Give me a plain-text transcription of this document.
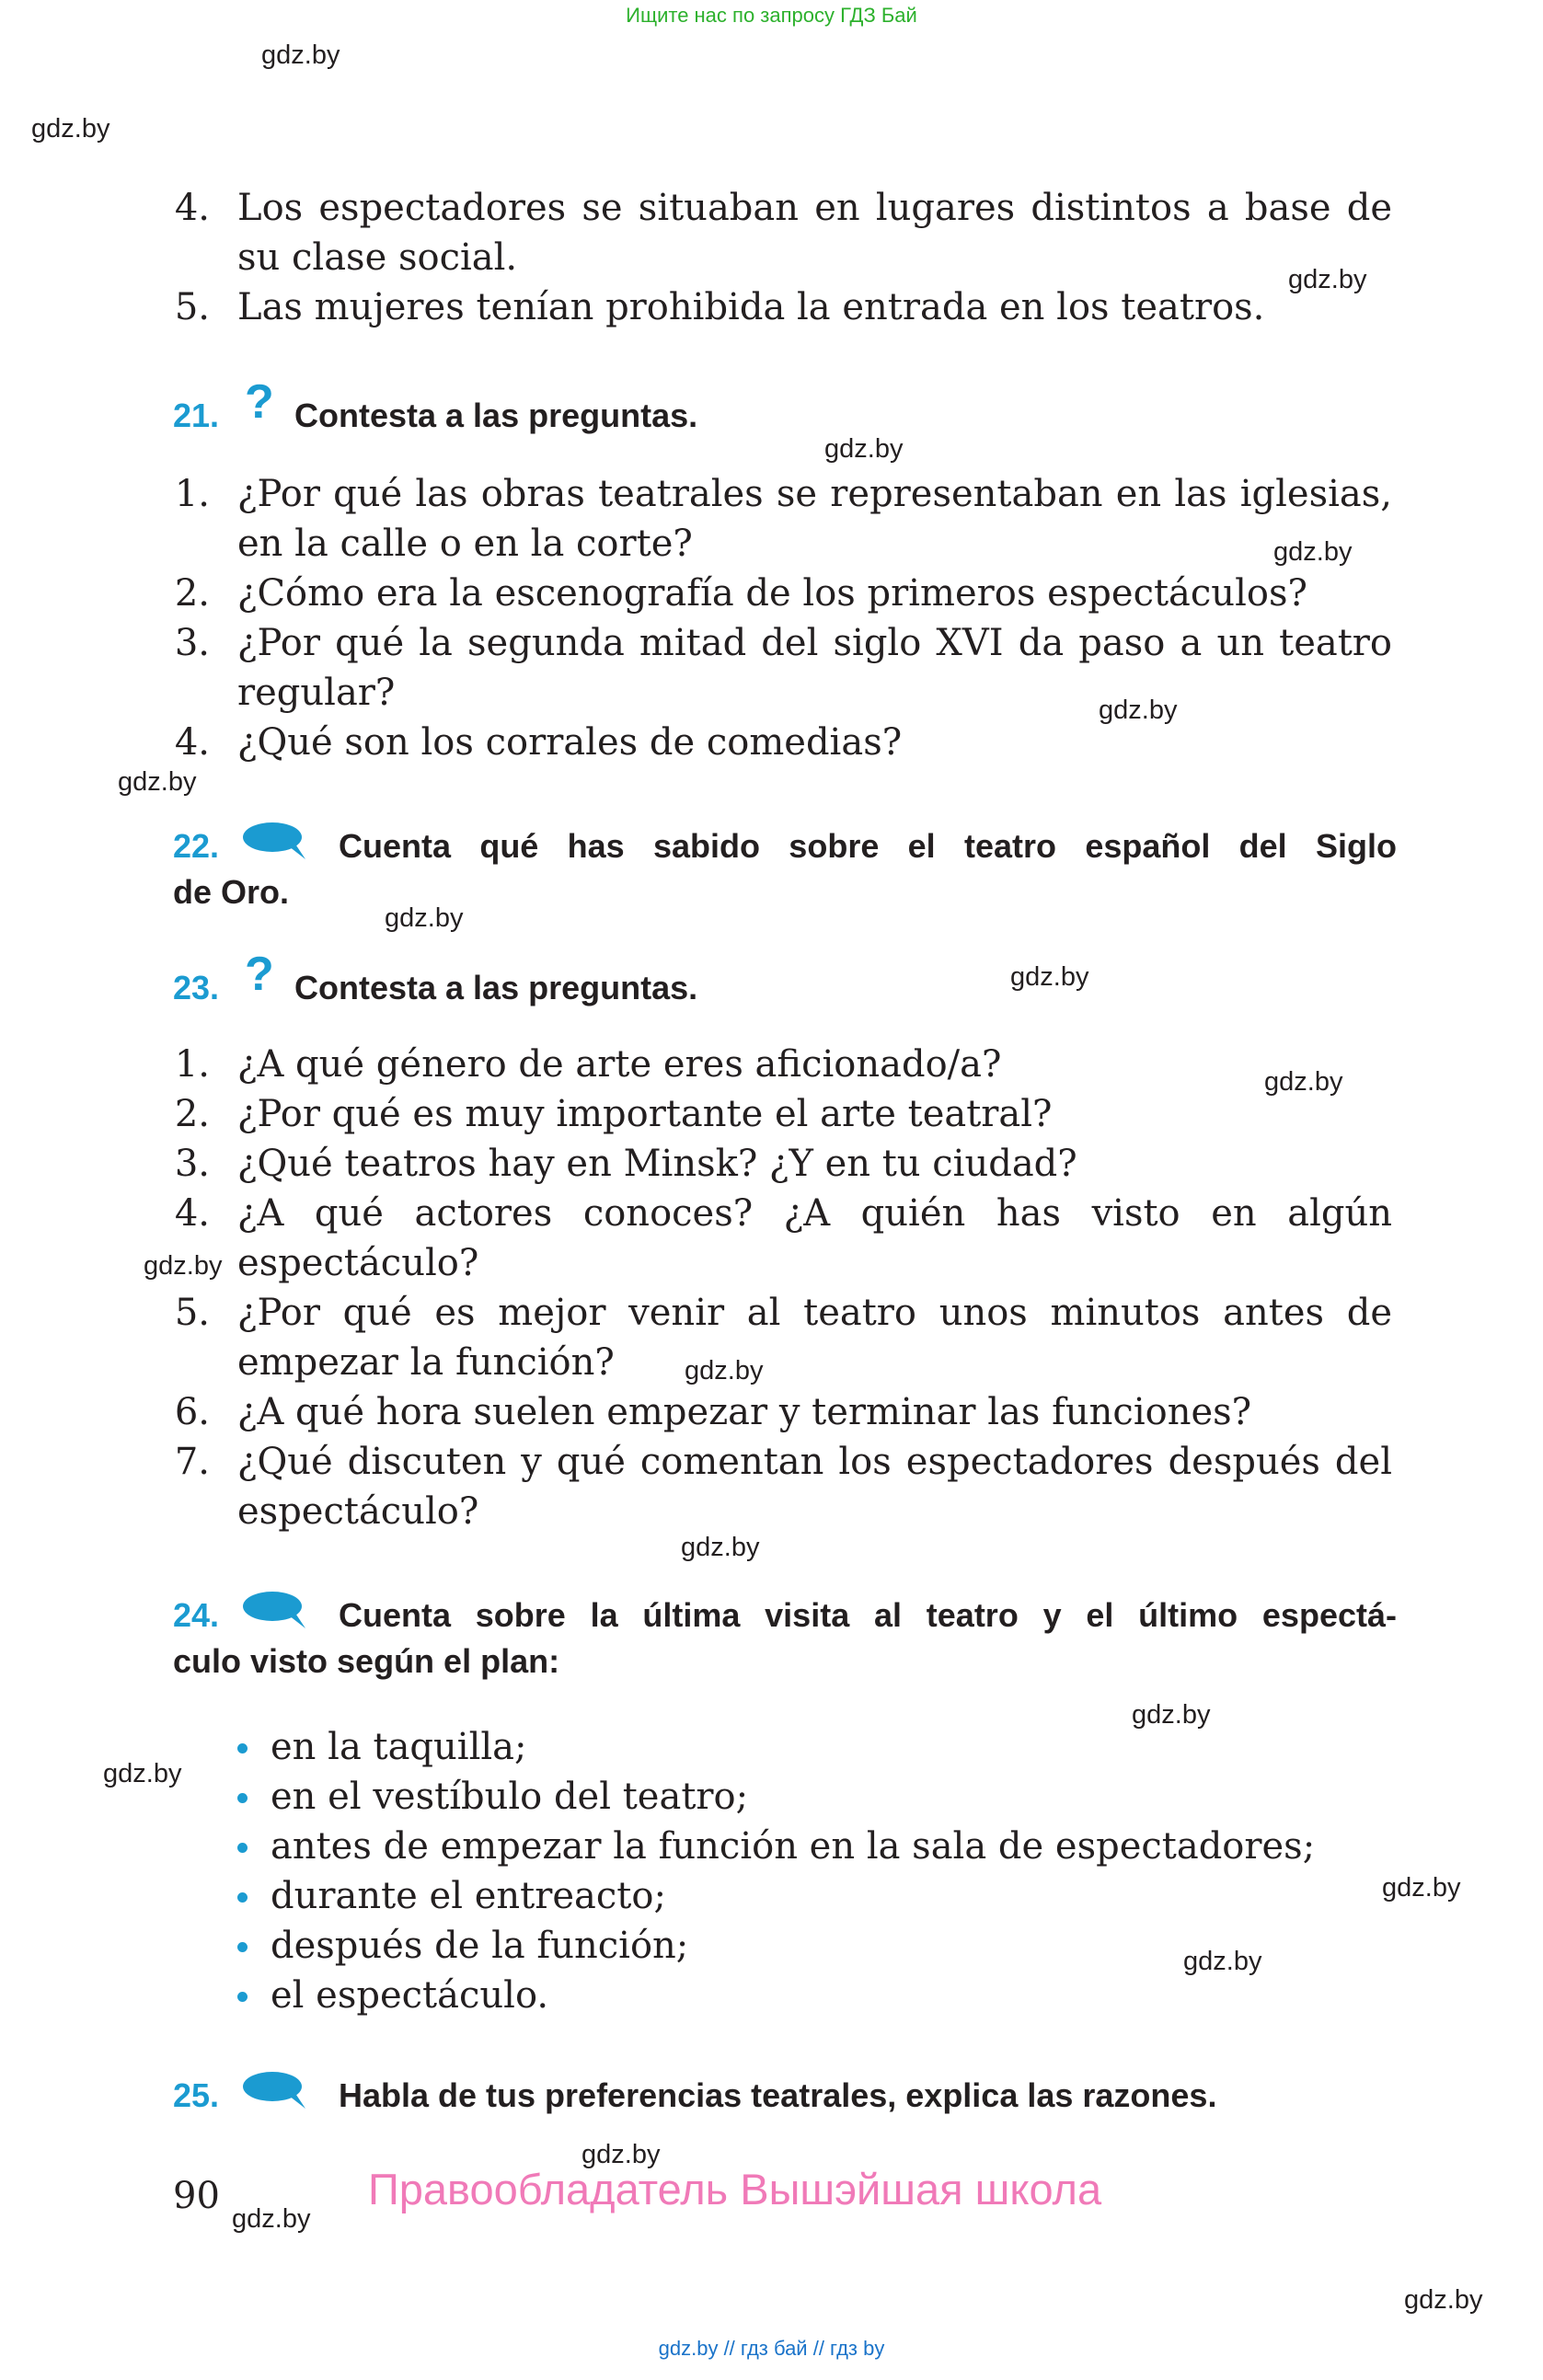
Ищите нас по запросу ГДЗ Бай
gdz.by
gdz.by
gdz.by
gdz.by
gdz.by
gdz.by
gdz.by
gdz.by
gdz.by
gdz.by
gdz.by
gdz.by
gdz.by
gdz.by
gdz.by
gdz.by
gdz.by
gdz.by
gdz.by
gdz.by
4. Los espectadores se situaban en lugares distintos a base de
su clase social.
5. Las mujeres tenían prohibida la entrada en los teatros.
21. ? Contesta a las preguntas.
1. ¿Por qué las obras teatrales se representaban en las iglesias,
en la calle o en la corte?
2. ¿Cómo era la escenografía de los primeros espectáculos?
3. ¿Por qué la segunda mitad del siglo XVI da paso a un teatro
regular?
4. ¿Qué son los corrales de comedias?
22.	Cuenta qué has sabido sobre el teatro español del Siglo
de Oro.
23. ? Contesta a las preguntas.
1. ¿A qué género de arte eres aficionado/a?
2. ¿Por qué es muy importante el arte teatral?
3. ¿Qué teatros hay en Minsk? ¿Y en tu ciudad?
4. ¿A qué actores conoces? ¿A quién has visto en algún
espectáculo?
5. ¿Por qué es mejor venir al teatro unos minutos antes de
empezar la función?
6. ¿A qué hora suelen empezar y terminar las funciones?
7. ¿Qué discuten y qué comentan los espectadores después del
espectáculo?
24.	Cuenta sobre la última visita al teatro y el último espectá-
culo visto según el plan:
en la taquilla;
en el vestíbulo del teatro;
antes de empezar la función en la sala de espectadores;
durante el entreacto;
después de la función;
el espectáculo.
25.	Habla de tus preferencias teatrales, explica las razones.
90	Правообладатель Вышэйшая школа
gdz.by // гдз бай // гдз by
